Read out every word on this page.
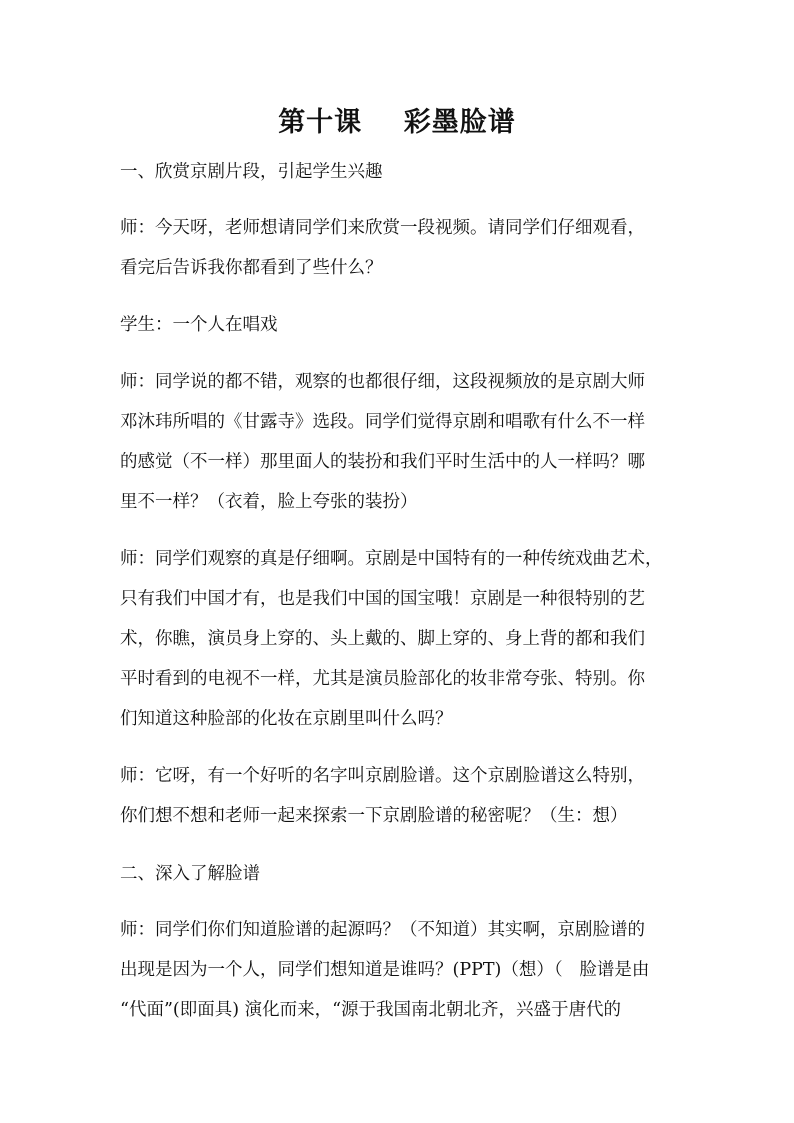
第十课    彩墨脸谱
一、欣赏京剧片段，引起学生兴趣
师：今天呀，老师想请同学们来欣赏一段视频。请同学们仔细观看，
看完后告诉我你都看到了些什么？
学生：一个人在唱戏
师：同学说的都不错，观察的也都很仔细，这段视频放的是京剧大师
邓沐玮所唱的《甘露寺》选段。同学们觉得京剧和唱歌有什么不一样
的感觉（不一样）那里面人的装扮和我们平时生活中的人一样吗？哪
里不一样？（衣着，脸上夸张的装扮）
师：同学们观察的真是仔细啊。京剧是中国特有的一种传统戏曲艺术，
只有我们中国才有，也是我们中国的国宝哦！京剧是一种很特别的艺
术，你瞧，演员身上穿的、头上戴的、脚上穿的、身上背的都和我们
平时看到的电视不一样，尤其是演员脸部化的妆非常夸张、特别。你
们知道这种脸部的化妆在京剧里叫什么吗？
师：它呀，有一个好听的名字叫京剧脸谱。这个京剧脸谱这么特别，
你们想不想和老师一起来探索一下京剧脸谱的秘密呢？（生：想）
二、深入了解脸谱
师：同学们你们知道脸谱的起源吗？（不知道）其实啊，京剧脸谱的
出现是因为一个人，同学们想知道是谁吗？(PPT)（想）（   脸谱是由
“代面”(即面具) 演化而来，“源于我国南北朝北齐，兴盛于唐代的
